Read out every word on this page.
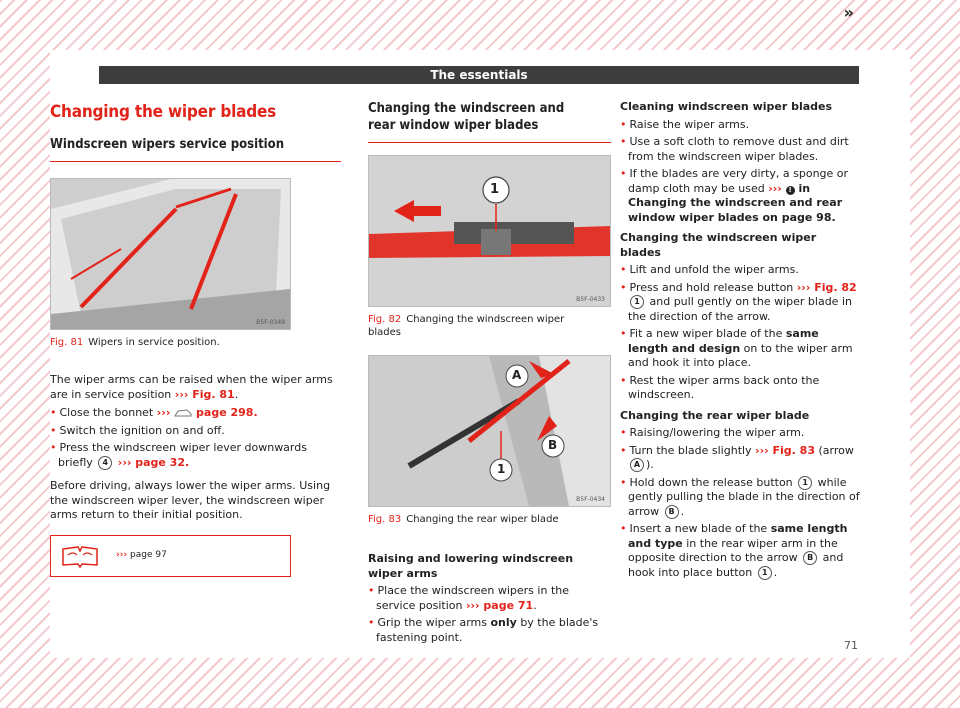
The essentials
Changing the wiper blades
Windscreen wipers service position
B5F-0349
Fig. 81 Wipers in service position.

The wiper arms can be raised when the wiper arms are in service position ››› Fig. 81.

• Close the bonnet ›››  page 298.
• Switch the ignition on and off.
• Press the windscreen wiper lever downwards briefly 4 ››› page 32.

Before driving, always lower the wiper arms. Using the windscreen wiper lever, the windscreen wiper arms return to their initial position.

››› page 97
Changing the windscreen and rear window wiper blades
1
B5F-0433
Fig. 82 Changing the windscreen wiper blades
A
B
1
B5F-0434
Fig. 83 Changing the rear wiper blade
Raising and lowering windscreen wiper arms
• Place the windscreen wipers in the service position ››› page 71.
• Grip the wiper arms only by the blade's fastening point.
Cleaning windscreen wiper blades
• Raise the wiper arms.
• Use a soft cloth to remove dust and dirt from the windscreen wiper blades.
• If the blades are very dirty, a sponge or damp cloth may be used ››› ! in Changing the windscreen and rear window wiper blades on page 98.
Changing the windscreen wiper blades
• Lift and unfold the wiper arms.
• Press and hold release button ››› Fig. 82 1 and pull gently on the wiper blade in the direction of the arrow.
• Fit a new wiper blade of the same length and design on to the wiper arm and hook it into place.
• Rest the wiper arms back onto the windscreen.
Changing the rear wiper blade
• Raising/lowering the wiper arm.
• Turn the blade slightly ››› Fig. 83 (arrow A ).
• Hold down the release button 1 while gently pulling the blade in the direction of arrow B .
• Insert a new blade of the same length and type in the rear wiper arm in the opposite direction to the arrow B and hook into place button 1 .
»
71
